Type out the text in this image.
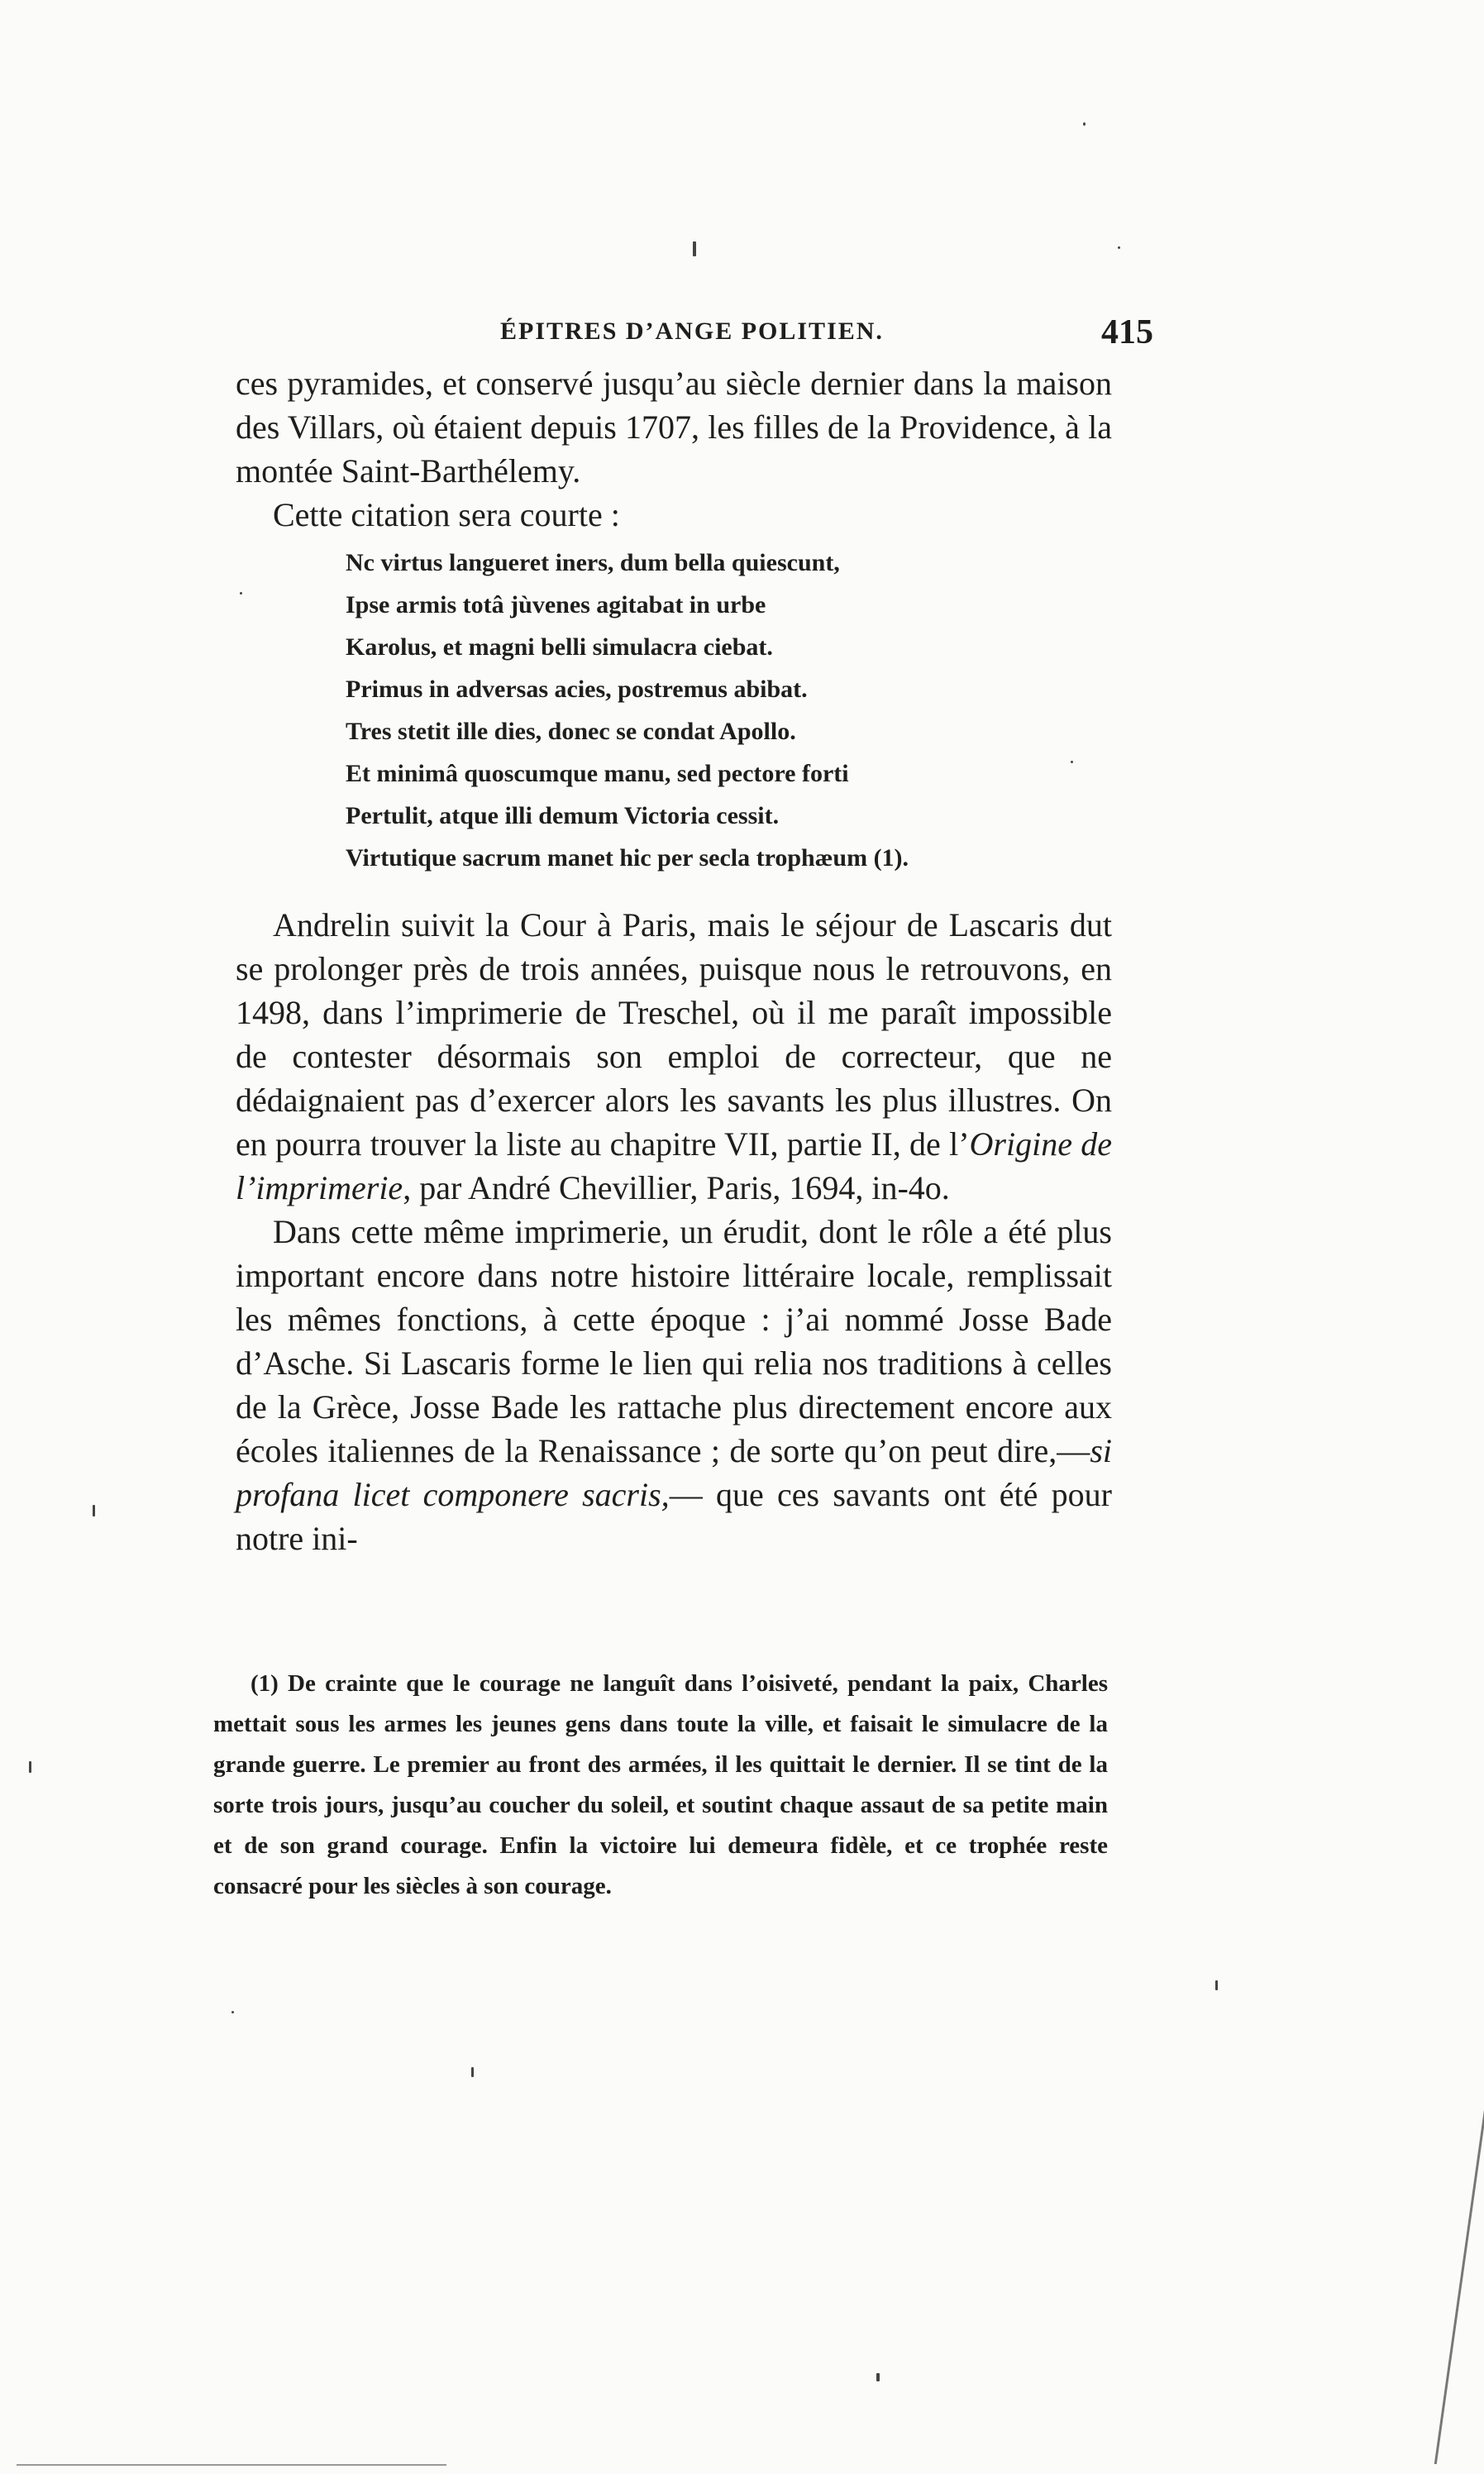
ÉPITRES D’ANGE POLITIEN.	415

ces pyramides, et conservé jusqu’au siècle dernier dans la maison des Villars, où étaient depuis 1707, les filles de la Providence, à la montée Saint-Barthélemy.

Cette citation sera courte :

Nc virtus langueret iners, dum bella quiescunt,
Ipse armis totâ jùvenes agitabat in urbe
Karolus, et magni belli simulacra ciebat.
Primus in adversas acies, postremus abibat.
Tres stetit ille dies, donec se condat Apollo.
Et minimâ quoscumque manu, sed pectore forti
Pertulit, atque illi demum Victoria cessit.
Virtutique sacrum manet hic per secla trophæum (1).

Andrelin suivit la Cour à Paris, mais le séjour de Lascaris dut se prolonger près de trois années, puisque nous le retrouvons, en 1498, dans l’imprimerie de Treschel, où il me paraît impossible de contester désormais son emploi de correcteur, que ne dédaignaient pas d’exercer alors les savants les plus illustres. On en pourra trouver la liste au chapitre VII, partie II, de l’Origine de l’imprimerie, par André Chevillier, Paris, 1694, in-4o.

Dans cette même imprimerie, un érudit, dont le rôle a été plus important encore dans notre histoire littéraire locale, remplissait les mêmes fonctions, à cette époque : j’ai nommé Josse Bade d’Asche. Si Lascaris forme le lien qui relia nos traditions à celles de la Grèce, Josse Bade les rattache plus directement encore aux écoles italiennes de la Renaissance ; de sorte qu’on peut dire,—si profana licet componere sacris,— que ces savants ont été pour notre ini-

(1) De crainte que le courage ne languît dans l’oisiveté, pendant la paix, Charles mettait sous les armes les jeunes gens dans toute la ville, et faisait le simulacre de la grande guerre. Le premier au front des armées, il les quittait le dernier. Il se tint de la sorte trois jours, jusqu’au coucher du soleil, et soutint chaque assaut de sa petite main et de son grand courage. Enfin la victoire lui demeura fidèle, et ce trophée reste consacré pour les siècles à son courage.
